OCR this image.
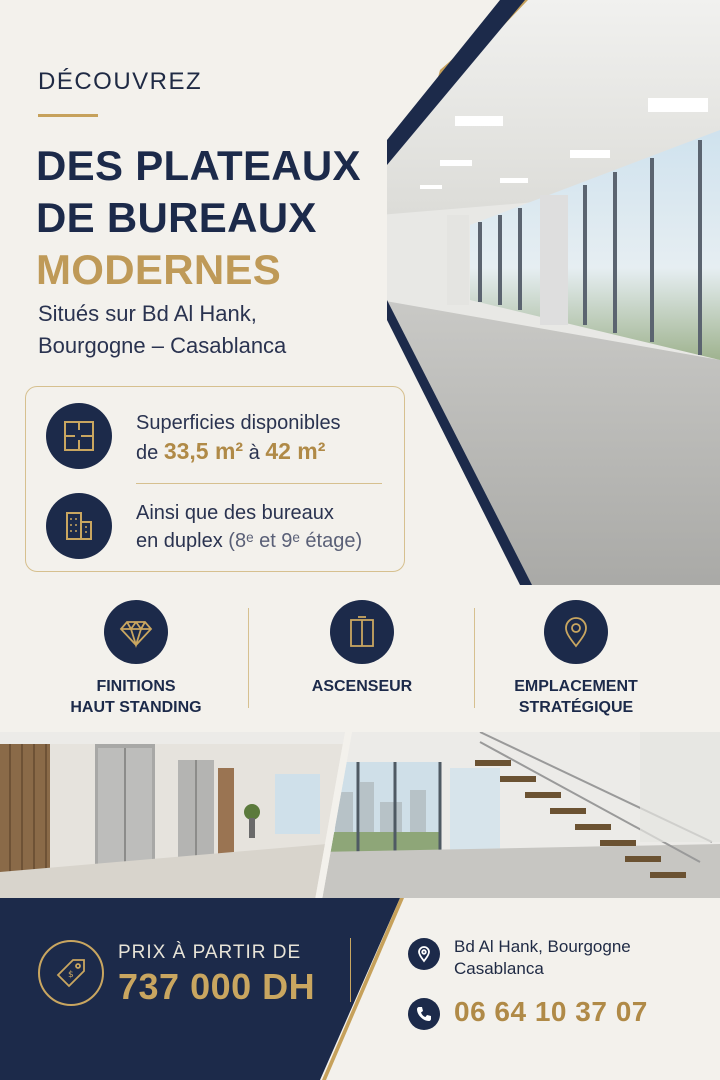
DÉCOUVREZ
DES PLATEAUX
DE BUREAUX
MODERNES
Situés sur Bd Al Hank,
Bourgogne – Casablanca
Superficies disponibles
de 33,5 m² à 42 m²
Ainsi que des bureaux
en duplex (8ᵉ et 9ᵉ étage)
FINITIONS
HAUT STANDING
ASCENSEUR	EMPLACEMENT
STRATÉGIQUE
$
PRIX À PARTIR DE
737 000 DH
Bd Al Hank, Bourgogne
Casablanca
06 64 10 37 07
